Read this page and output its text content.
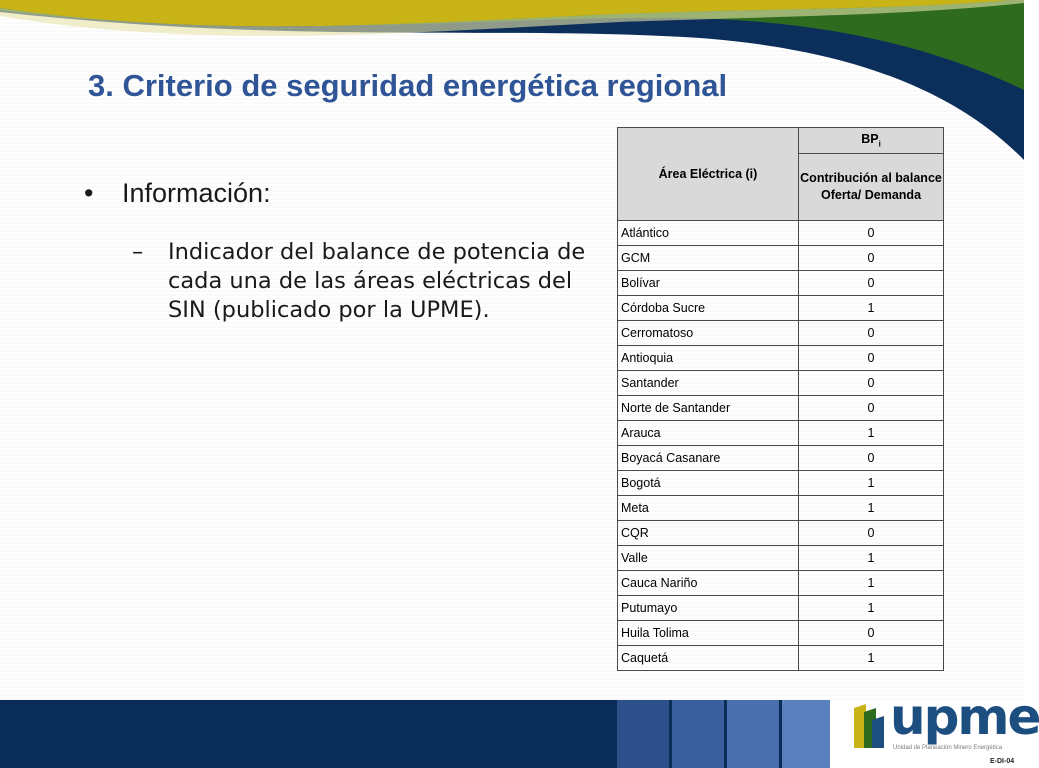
3. Criterio de seguridad energética regional
• Información:
– Indicador del balance de potencia de cada una de las áreas eléctricas del SIN (publicado por la UPME).
Área Eléctrica (i)	$BP_i$
	Contribución al balance Oferta/ Demanda
Atlántico	0
GCM	0
Bolívar	0
Córdoba Sucre	1
Cerromatoso	0
Antioquia	0
Santander	0
Norte de Santander	0
Arauca	1
Boyacá Casanare	0
Bogotá	1
Meta	1
CQR	0
Valle	1
Cauca Nariño	1
Putumayo	1
Huila Tolima	0
Caquetá	1
upme
Unidad de Planeación Minero Energética
E-DI-04
